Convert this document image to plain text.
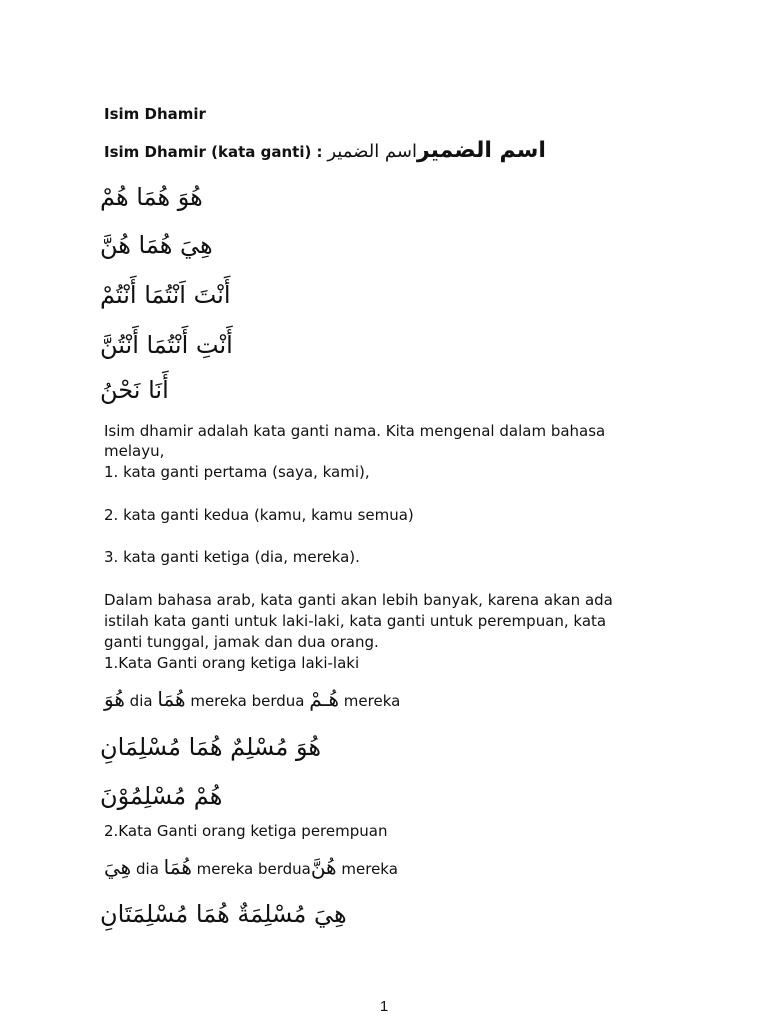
Isim Dhamir
Isim Dhamir (kata ganti) : اسم الضميراسم الضمير
هُوَ هُمَا هُمْ
هِيَ هُمَا هُنَّ
أَنْتَ اَنْتُمَا أَنْتُمْ
أَنْتِ أَنْتُمَا أَنْتُنَّ
أَنَا نَحْنُ
Isim dhamir adalah kata ganti nama. Kita mengenal dalam bahasa
melayu,
1. kata ganti pertama (saya, kami),
2. kata ganti kedua (kamu, kamu semua)
3. kata ganti ketiga (dia, mereka).
Dalam bahasa arab, kata ganti akan lebih banyak, karena akan ada
istilah kata ganti untuk laki-laki, kata ganti untuk perempuan, kata
ganti tunggal, jamak dan dua orang.
1.Kata Ganti orang ketiga laki-laki
هُوَ dia هُمَا mereka berdua هُـمْ mereka
هُوَ مُسْلِمٌ هُمَا مُسْلِمَانِ
هُمْ مُسْلِمُوْنَ
2.Kata Ganti orang ketiga perempuan
هِيَ dia هُمَا mereka berduaهُنَّ mereka
هِيَ مُسْلِمَةٌ هُمَا مُسْلِمَتَانِ
1
